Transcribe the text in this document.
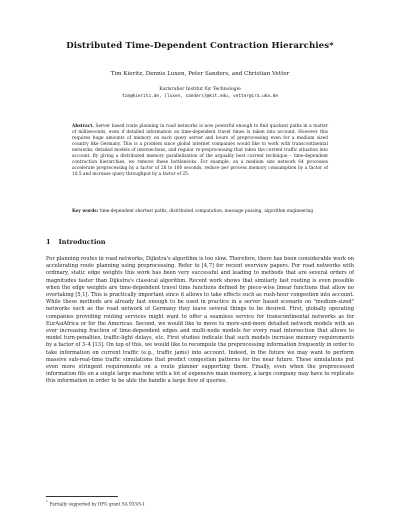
Distributed Time-Dependent Contraction Hierarchies*
Tim Kieritz, Dennis Luxen, Peter Sanders, and Christian Vetter
Karlsruher Institut für Technologie
tim@kieritz.de, {luxen, sanders}@kit.edu, vetter@ira.uka.de
Abstract. Server based route planning in road networks is now powerful enough to find quickest paths in a matter of milliseconds, even if detailed information on time-dependent travel times is taken into account. However this requires huge amounts of memory on each query server and hours of preprocessing even for a medium sized country like Germany. This is a problem since global internet companies would like to work with transcontinental networks, detailed models of intersections, and regular re-preprocessing that takes the current traffic situation into account. By giving a distributed memory parallelization of the arguably best current technique – time-dependent contraction hierarchies, we remove these bottlenecks. For example, on a medium size network 64 processes accelerate preprocessing by a factor of 28 to 160 seconds, reduce per process memory consumption by a factor of 10.5 and increase query throughput by a factor of 25.
Key words: time-dependent shortest paths, distributed computation, message passing, algorithm engineering
1 Introduction
For planning routes in road networks, Dijkstra's algorithm is too slow. Therefore, there has been considerable work on accelerating route planning using preprocessing. Refer to [4,7] for recent overview papers. For road networks with ordinary, static edge weights this work has been very successful and leading to methods that are several orders of magnitudes faster than Dijkstra's classical algorithm. Recent work shows that similarly fast routing is even possible when the edge weights are time-dependent travel time functions defined by piece-wise linear functions that allow no overtaking [5,1]. This is practically important since it allows to take effects such as rush-hour congestion into account. While these methods are already fast enough to be used in practice in a server based scenario on "medium-sized" networks such as the road network of Germany they leave several things to be desired. First, globally operating companies providing routing services might want to offer a seamless service for transcontinental networks as for EurAsiAfrica or for the Americas. Second, we would like to move to more-and-more detailed network models with an ever increasing fraction of time-dependent edges and multi-node models for every road intersection that allows to model turn-penalties, traffic-light delays, etc. First studies indicate that such models increase memory requirements by a factor of 3–4 [13]. On top of this, we would like to recompute the preprocessing information frequently in order to take information on current traffic (e.g., traffic jams) into account. Indeed, in the future we may want to perform massive sub-real-time traffic simulations that predict congestion patterns for the near future. These simulations put even more stringent requirements on a route planner supporting them. Finally, even when the preprocessed information fits on a single large machine with a lot of expensive main memory, a large company may have to replicate this information in order to be able the handle a large flow of queries.
* Partially supported by DFG grant SA 933/5-1
